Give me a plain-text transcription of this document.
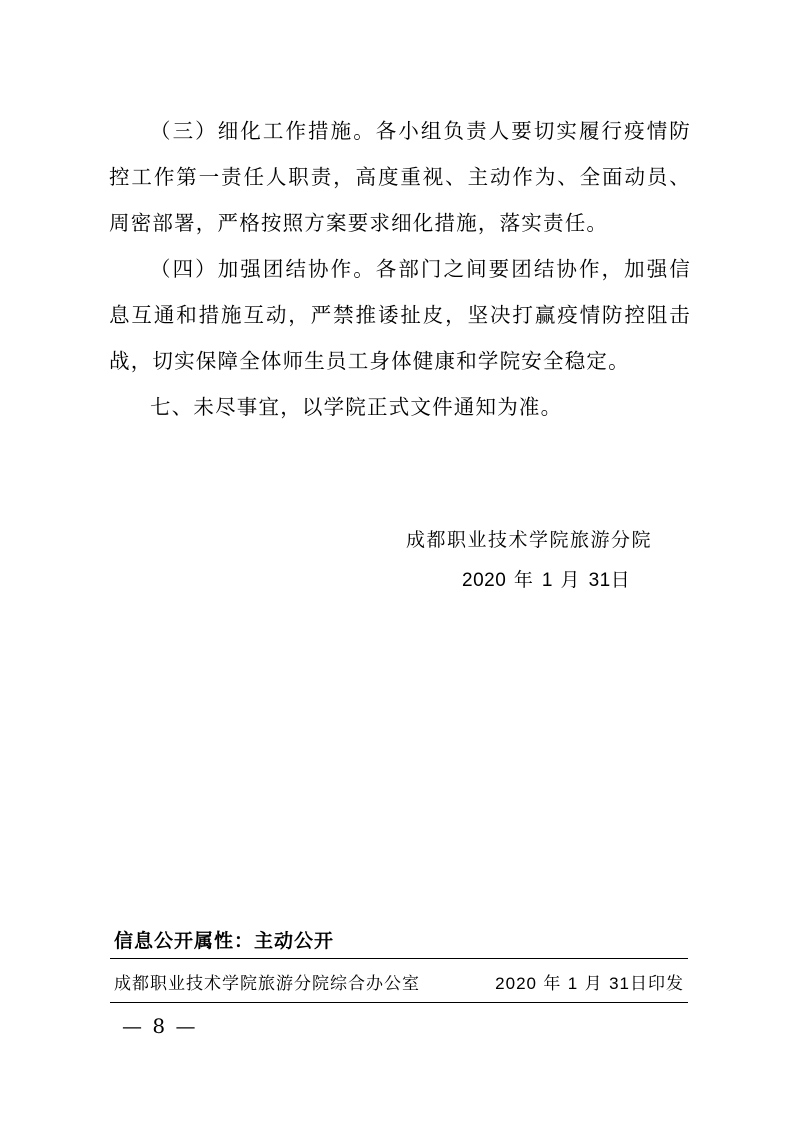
（三）细化工作措施。各小组负责人要切实履行疫情防控工作第一责任人职责，高度重视、主动作为、全面动员、周密部署，严格按照方案要求细化措施，落实责任。

（四）加强团结协作。各部门之间要团结协作，加强信息互通和措施互动，严禁推诿扯皮，坚决打赢疫情防控阻击战，切实保障全体师生员工身体健康和学院安全稳定。

七、未尽事宜，以学院正式文件通知为准。

成都职业技术学院旅游分院
2020 年 1 月 31日
信息公开属性：主动公开
成都职业技术学院旅游分院综合办公室	2020 年 1 月 31日印发
— 8 —
